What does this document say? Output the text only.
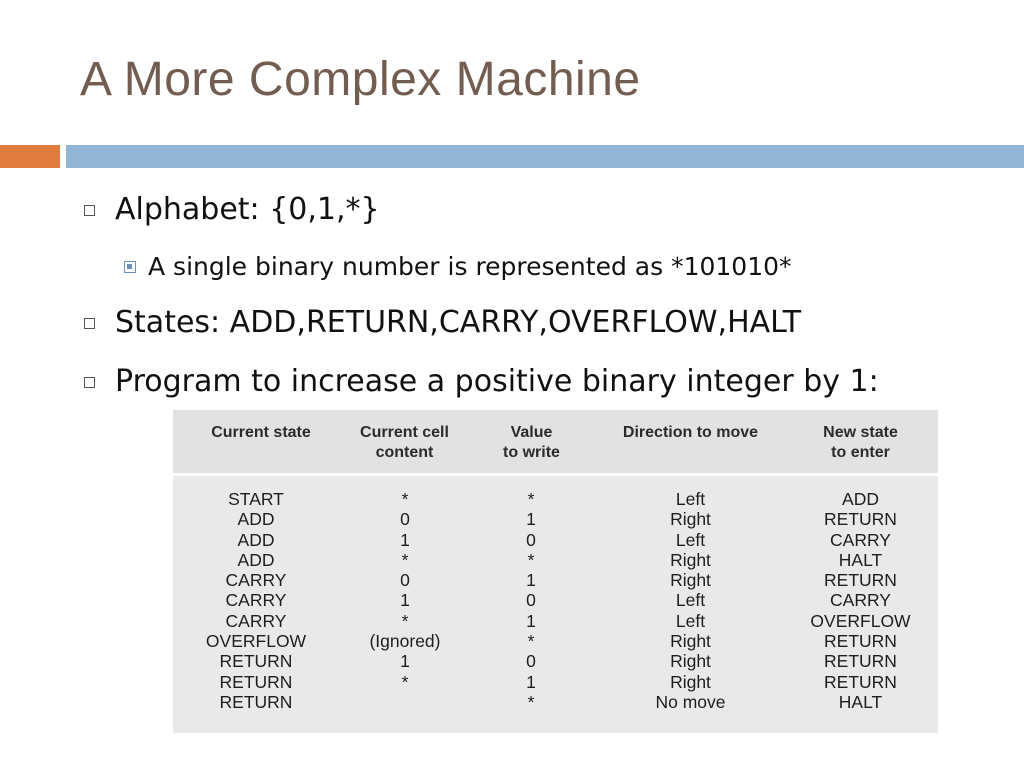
A More Complex Machine
Alphabet: {0,1,*}
A single binary number is represented as *101010*
States: ADD,RETURN,CARRY,OVERFLOW,HALT
Program to increase a positive binary integer by 1:
Current state	Current cell
content
Value
to write
Direction to move	New state
to enter
START
ADD
ADD
ADD
CARRY
CARRY
CARRY
OVERFLOW
RETURN
RETURN
RETURN
*
0
1
*
0
1
*
(Ignored)
1
*

*
1
0
*
1
0
1
*
0
1
*
Left
Right
Left
Right
Right
Left
Left
Right
Right
Right
No move
ADD
RETURN
CARRY
HALT
RETURN
CARRY
OVERFLOW
RETURN
RETURN
RETURN
HALT
